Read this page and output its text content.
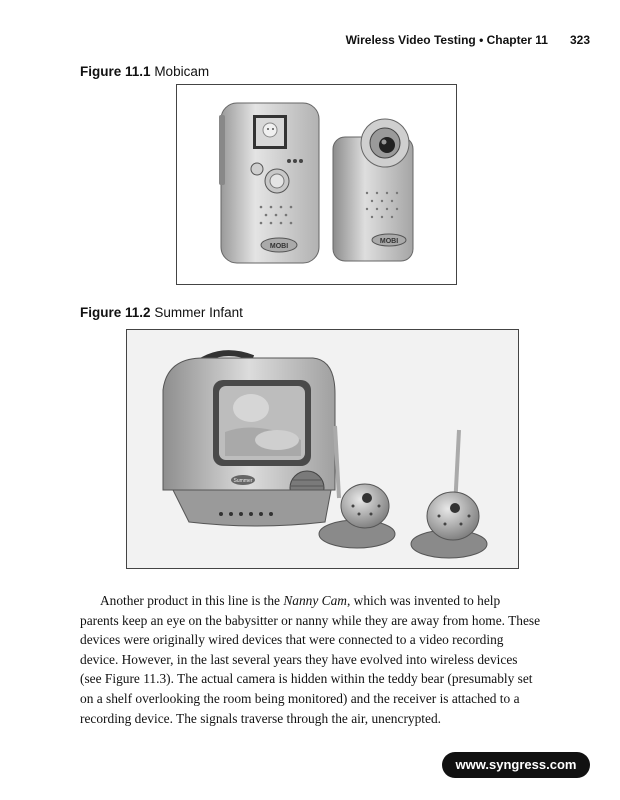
Wireless Video Testing • Chapter 11 323
Figure 11.1 Mobicam
MOBI
MOBI
Figure 11.2 Summer Infant
Summer

Another product in this line is the Nanny Cam, which was invented to help parents keep an eye on the babysitter or nanny while they are away from home. These devices were originally wired devices that were connected to a video recording device. However, in the last several years they have evolved into wireless devices (see Figure 11.3). The actual camera is hidden within the teddy bear (presumably set on a shelf overlooking the room being monitored) and the receiver is attached to a recording device. The signals traverse through the air, unencrypted.

www.syngress.com
